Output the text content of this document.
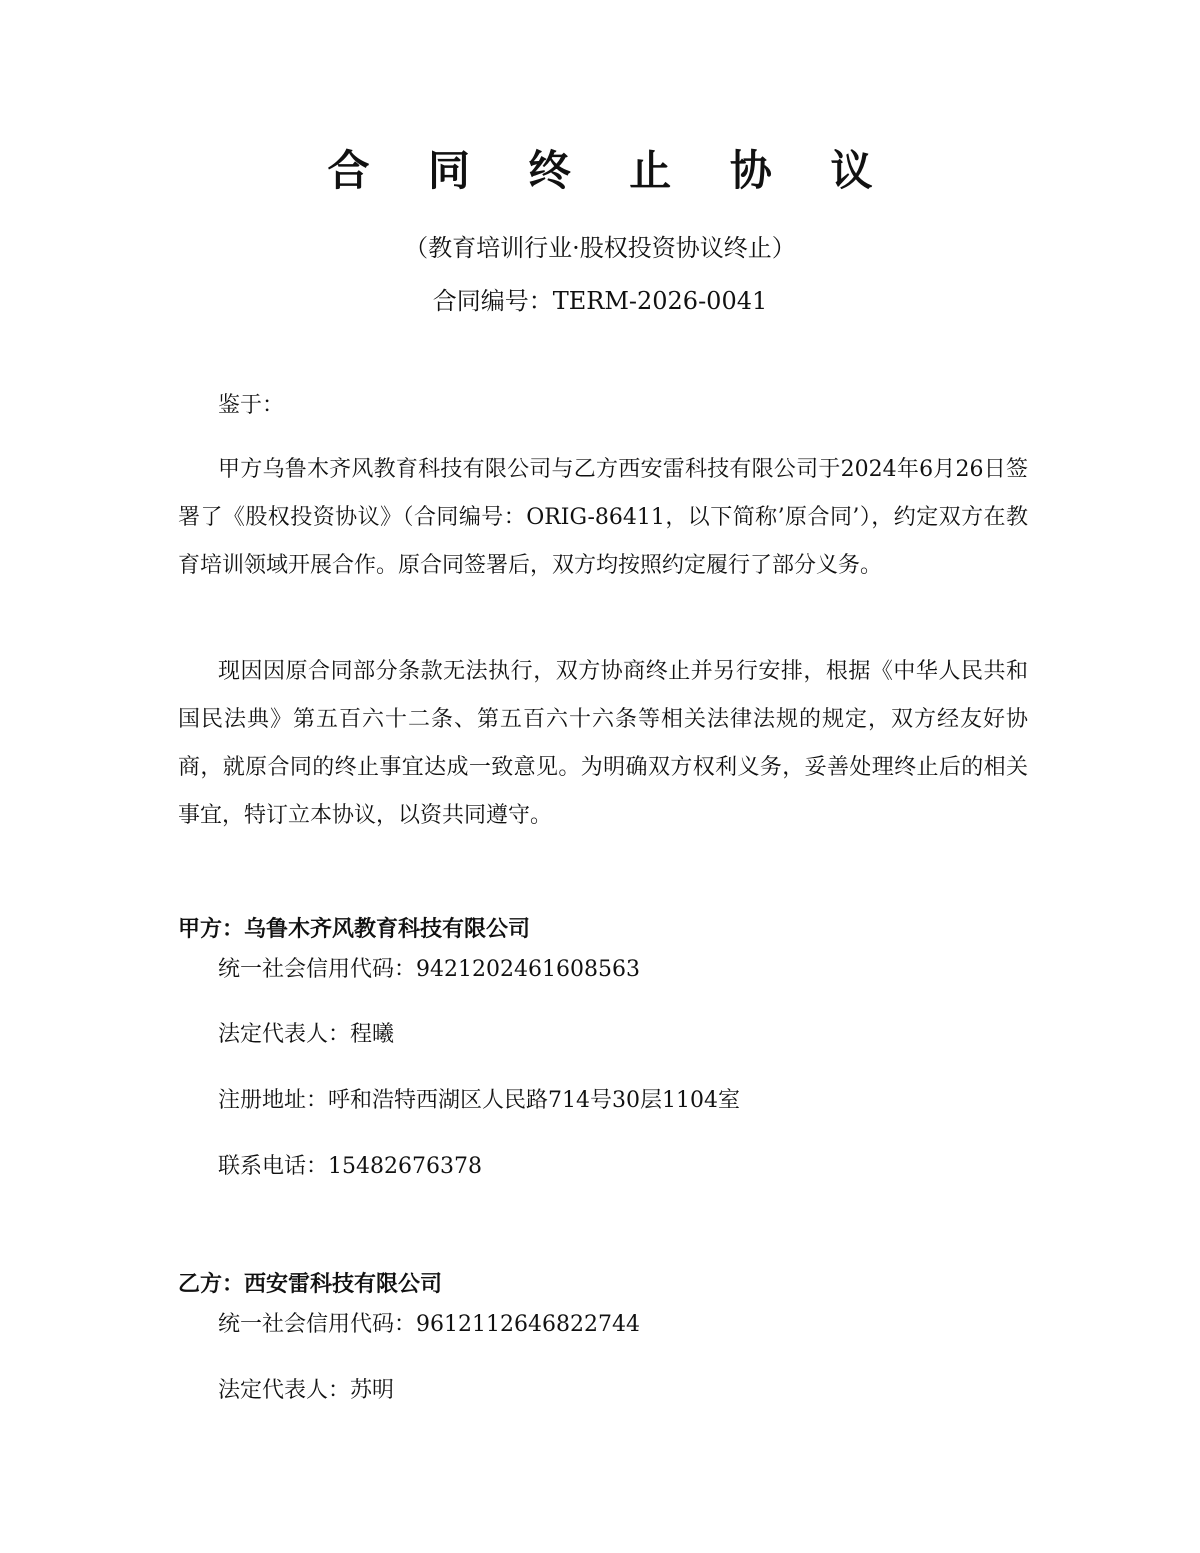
合 同 终 止 协 议
（教育培训行业·股权投资协议终止）
合同编号：TERM-2026-0041
鉴于：
甲方乌鲁木齐风教育科技有限公司与乙方西安雷科技有限公司于2024年6月26日签署了《股权投资协议》（合同编号：ORIG-86411，以下简称’原合同’），约定双方在教育培训领域开展合作。原合同签署后，双方均按照约定履行了部分义务。
现因因原合同部分条款无法执行，双方协商终止并另行安排，根据《中华人民共和国民法典》第五百六十二条、第五百六十六条等相关法律法规的规定，双方经友好协商，就原合同的终止事宜达成一致意见。为明确双方权利义务，妥善处理终止后的相关事宜，特订立本协议，以资共同遵守。
甲方：乌鲁木齐风教育科技有限公司
统一社会信用代码：9421202461608563
法定代表人：程曦
注册地址：呼和浩特西湖区人民路714号30层1104室
联系电话：15482676378
乙方：西安雷科技有限公司
统一社会信用代码：9612112646822744
法定代表人：苏明
